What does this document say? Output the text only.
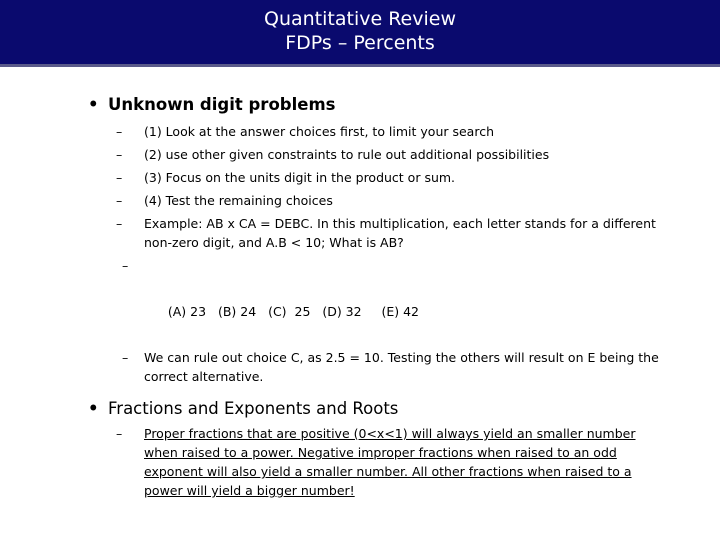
Quantitative Review
FDPs – Percents
• Unknown digit problems
– (1) Look at the answer choices first, to limit your search
– (2) use other given constraints to rule out additional possibilities
– (3) Focus on the units digit in the product or sum.
– (4) Test the remaining choices
– Example: AB x CA = DEBC. In this multiplication, each letter stands for a different non-zero digit, and A.B < 10; What is AB?

–

(A) 23   (B) 24   (C)  25   (D) 32     (E) 42

– We can rule out choice C, as 2.5 = 10. Testing the others will result on E being the correct alternative.
• Fractions and Exponents and Roots
– Proper fractions that are positive (0<x<1) will always yield an smaller number when raised to a power. Negative improper fractions when raised to an odd exponent will also yield a smaller number. All other fractions when raised to a power will yield a bigger number!
